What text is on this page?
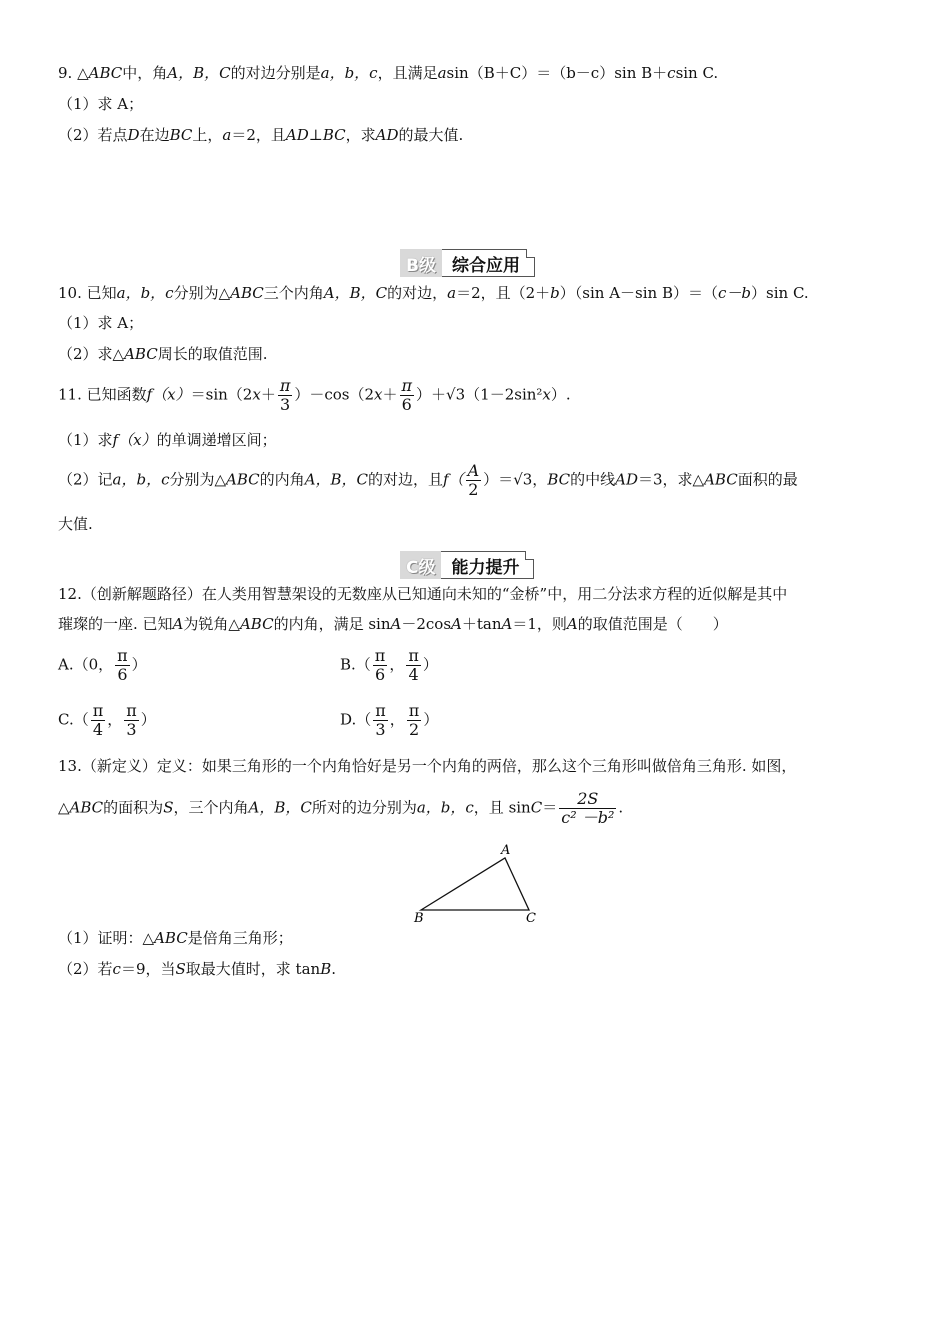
9. △ABC中，角A，B，C的对边分别是a，b，c，且满足asin（B＋C）＝（b－c）sin B＋csin C.
（1）求 A；
（2）若点D在边BC上，a＝2，且AD⊥BC，求AD的最大值.
B级 综合应用
10. 已知a，b，c分别为△ABC三个内角A，B，C的对边，a＝2，且（2＋b）（sin A－sin B）＝（c－b）sin C.
（1）求 A；
（2）求△ABC周长的取值范围.
11. 已知函数$f(x)=\sin(2x+ \frac{\pi}{3} )-\cos(2x+ \frac{\pi}{6} )+√3(1-2\sin^2x)$.
（1）求f（x）的单调递增区间；
（2）记a，b，c分别为△ABC的内角A，B，C的对边，且$f( \frac{A}{2} )=√3$，BC的中线AD＝3，求△ABC面积的最
大值.
C级 能力提升
12.（创新解题路径）在人类用智慧架设的无数座从已知通向未知的“金桥”中，用二分法求方程的近似解是其中
璀璨的一座. 已知A为锐角△ABC的内角，满足 sinA－2cosA＋tanA＝1，则A的取值范围是（　　）
A.（0， $\frac{\pi}{6}$ ）	$B.( \frac{\pi}{6}$ ， $\frac{\pi}{4}$ ）
$C.( \frac{\pi}{4}$ ， $\frac{\pi}{3}$ ）	$D.( \frac{\pi}{3}$ ， $\frac{\pi}{2}$ ）
13.（新定义）定义：如果三角形的一个内角恰好是另一个内角的两倍，那么这个三角形叫做倍角三角形. 如图，
△ABC的面积为S，三个内角A，B，C所对的边分别为a，b，c，且 $\sin C= \frac{2S}{\text{c² －b²}}$ .
A
B	C
（1）证明：△ABC是倍角三角形；
（2）若c＝9，当S取最大值时，求 tanB.
